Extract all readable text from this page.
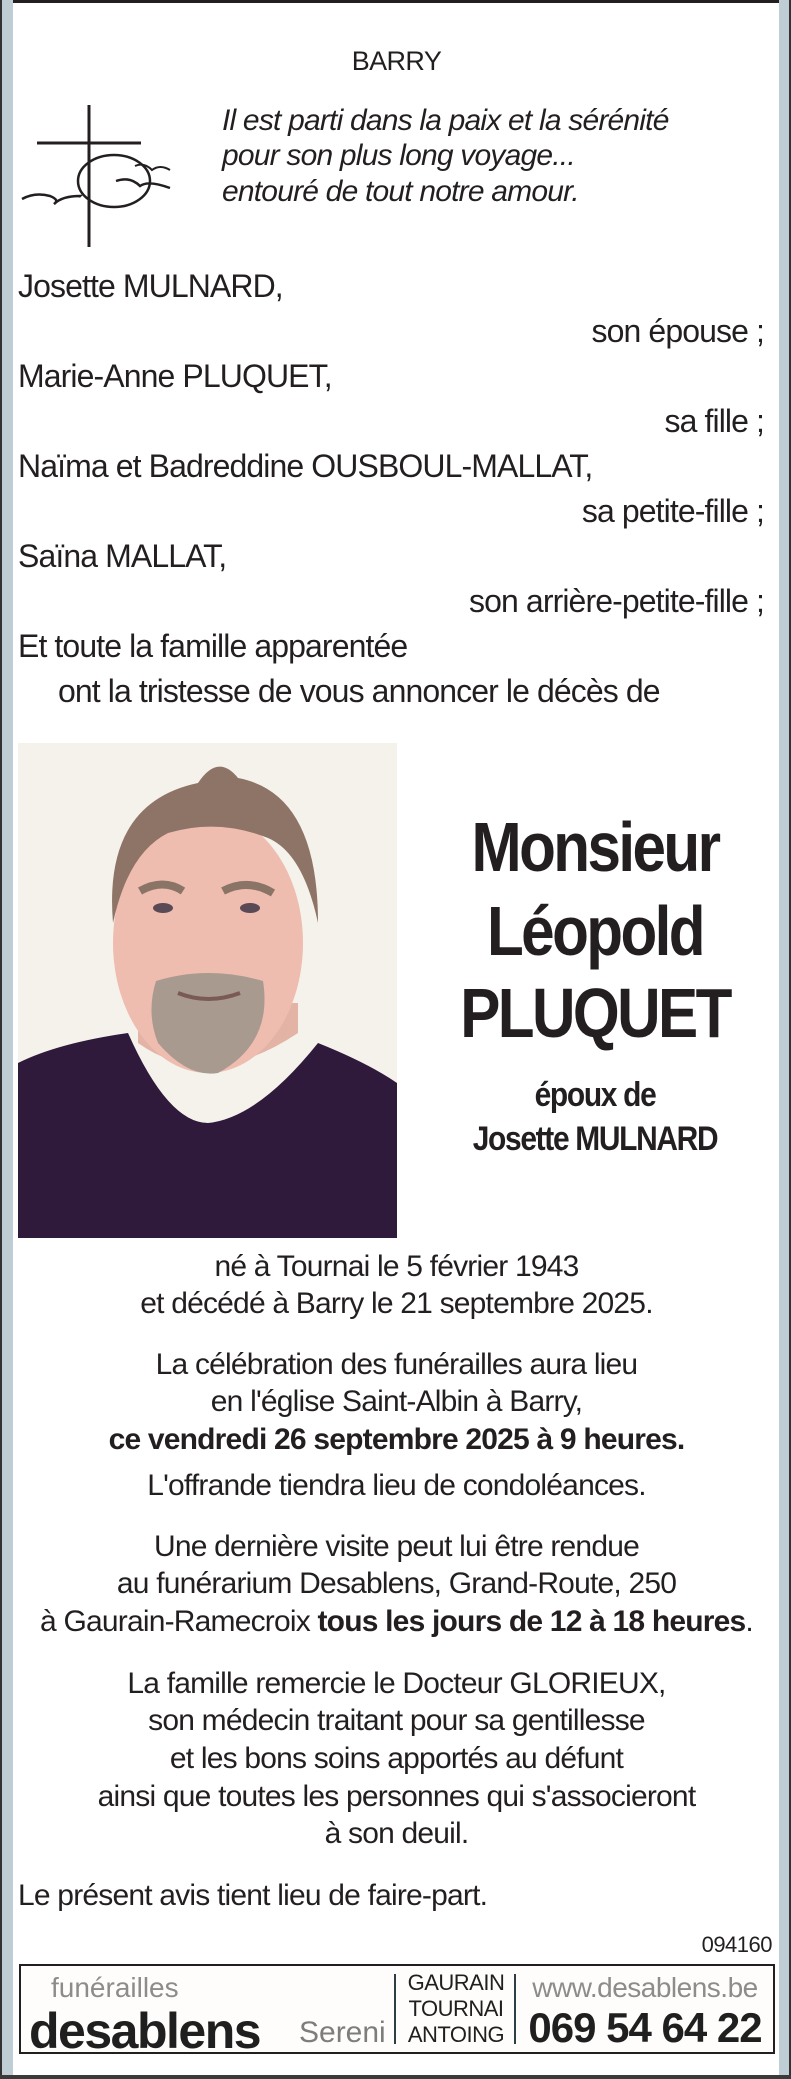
BARRY
Il est parti dans la paix et la sérénité
pour son plus long voyage...
entouré de tout notre amour.
Josette MULNARD,
son épouse ;
Marie-Anne PLUQUET,
sa fille ;
Naïma et Badreddine OUSBOUL-MALLAT,
sa petite-fille ;
Saïna MALLAT,
son arrière-petite-fille ;
Et toute la famille apparentée
ont la tristesse de vous annoncer le décès de
Monsieur
Léopold
PLUQUET
époux de
Josette MULNARD
né à Tournai le 5 février 1943
et décédé à Barry le 21 septembre 2025.
La célébration des funérailles aura lieu
en l'église Saint-Albin à Barry,
ce vendredi 26 septembre 2025 à 9 heures.
L'offrande tiendra lieu de condoléances.
Une dernière visite peut lui être rendue
au funérarium Desablens, Grand-Route, 250
à Gaurain-Ramecroix tous les jours de 12 à 18 heures.
La famille remercie le Docteur GLORIEUX,
son médecin traitant pour sa gentillesse
et les bons soins apportés au défunt
ainsi que toutes les personnes qui s'associeront
à son deuil.
Le présent avis tient lieu de faire-part.
094160
funérailles
desablens Sereni
GAURAIN
TOURNAI
ANTOING
www.desablens.be
069 54 64 22
